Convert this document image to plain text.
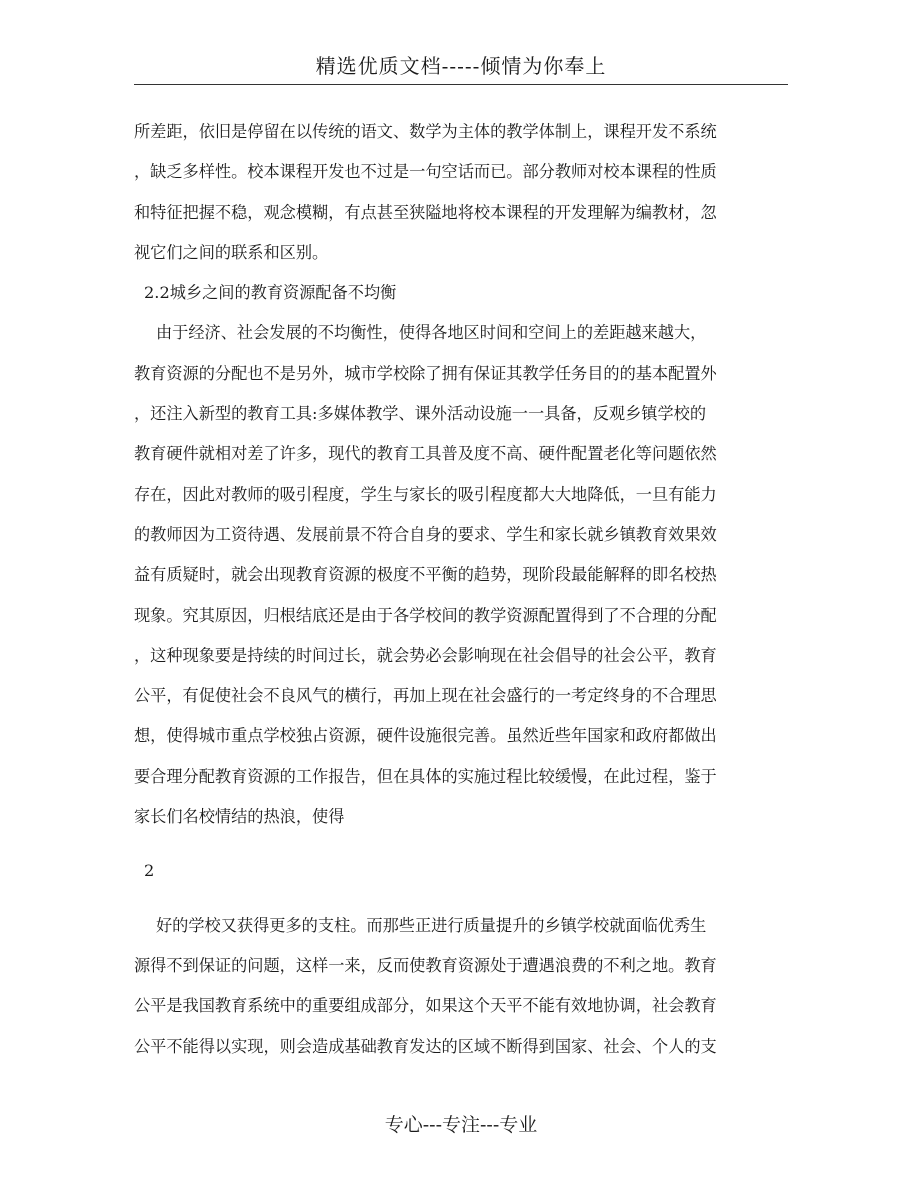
精选优质文档-----倾情为你奉上
所差距，依旧是停留在以传统的语文、数学为主体的教学体制上，课程开发不系统
，缺乏多样性。校本课程开发也不过是一句空话而已。部分教师对校本课程的性质
和特征把握不稳，观念模糊，有点甚至狭隘地将校本课程的开发理解为编教材，忽
视它们之间的联系和区别。
2.2城乡之间的教育资源配备不均衡
由于经济、社会发展的不均衡性，使得各地区时间和空间上的差距越来越大，
教育资源的分配也不是另外，城市学校除了拥有保证其教学任务目的的基本配置外
，还注入新型的教育工具:多媒体教学、课外活动设施一一具备，反观乡镇学校的
教育硬件就相对差了许多，现代的教育工具普及度不高、硬件配置老化等问题依然
存在，因此对教师的吸引程度，学生与家长的吸引程度都大大地降低，一旦有能力
的教师因为工资待遇、发展前景不符合自身的要求、学生和家长就乡镇教育效果效
益有质疑时，就会出现教育资源的极度不平衡的趋势，现阶段最能解释的即名校热
现象。究其原因，归根结底还是由于各学校间的教学资源配置得到了不合理的分配
，这种现象要是持续的时间过长，就会势必会影响现在社会倡导的社会公平，教育
公平，有促使社会不良风气的横行，再加上现在社会盛行的一考定终身的不合理思
想，使得城市重点学校独占资源，硬件设施很完善。虽然近些年国家和政府都做出
要合理分配教育资源的工作报告，但在具体的实施过程比较缓慢，在此过程，鉴于
家长们名校情结的热浪，使得
2
好的学校又获得更多的支柱。而那些正进行质量提升的乡镇学校就面临优秀生
源得不到保证的问题，这样一来，反而使教育资源处于遭遇浪费的不利之地。教育
公平是我国教育系统中的重要组成部分，如果这个天平不能有效地协调，社会教育
公平不能得以实现，则会造成基础教育发达的区域不断得到国家、社会、个人的支
专心---专注---专业
